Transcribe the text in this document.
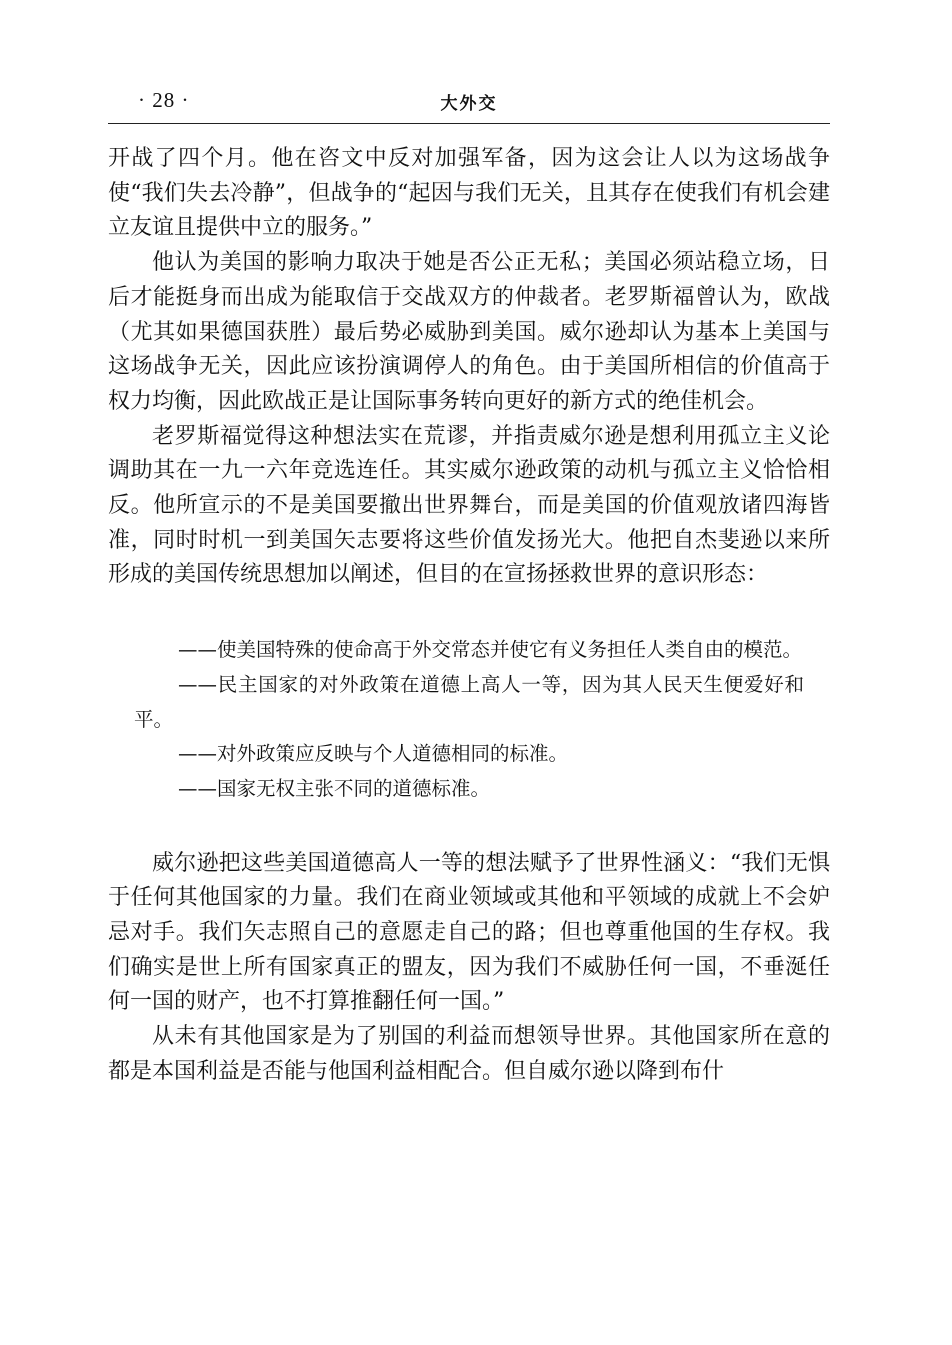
· 28 ·	大外交

开战了四个月。他在咨文中反对加强军备，因为这会让人以为这场战争使“我们失去冷静”，但战争的“起因与我们无关，且其存在使我们有机会建立友谊且提供中立的服务。”

他认为美国的影响力取决于她是否公正无私；美国必须站稳立场，日后才能挺身而出成为能取信于交战双方的仲裁者。老罗斯福曾认为，欧战（尤其如果德国获胜）最后势必威胁到美国。威尔逊却认为基本上美国与这场战争无关，因此应该扮演调停人的角色。由于美国所相信的价值高于权力均衡，因此欧战正是让国际事务转向更好的新方式的绝佳机会。

老罗斯福觉得这种想法实在荒谬，并指责威尔逊是想利用孤立主义论调助其在一九一六年竞选连任。其实威尔逊政策的动机与孤立主义恰恰相反。他所宣示的不是美国要撤出世界舞台，而是美国的价值观放诸四海皆准，同时时机一到美国矢志要将这些价值发扬光大。他把自杰斐逊以来所形成的美国传统思想加以阐述，但目的在宣扬拯救世界的意识形态：

——使美国特殊的使命高于外交常态并使它有义务担任人类自由的模范。

——民主国家的对外政策在道德上高人一等，因为其人民天生便爱好和平。

——对外政策应反映与个人道德相同的标准。

——国家无权主张不同的道德标准。

威尔逊把这些美国道德高人一等的想法赋予了世界性涵义：“我们无惧于任何其他国家的力量。我们在商业领域或其他和平领域的成就上不会妒忌对手。我们矢志照自己的意愿走自己的路；但也尊重他国的生存权。我们确实是世上所有国家真正的盟友，因为我们不威胁任何一国，不垂涎任何一国的财产，也不打算推翻任何一国。”

从未有其他国家是为了别国的利益而想领导世界。其他国家所在意的都是本国利益是否能与他国利益相配合。但自威尔逊以降到布什
